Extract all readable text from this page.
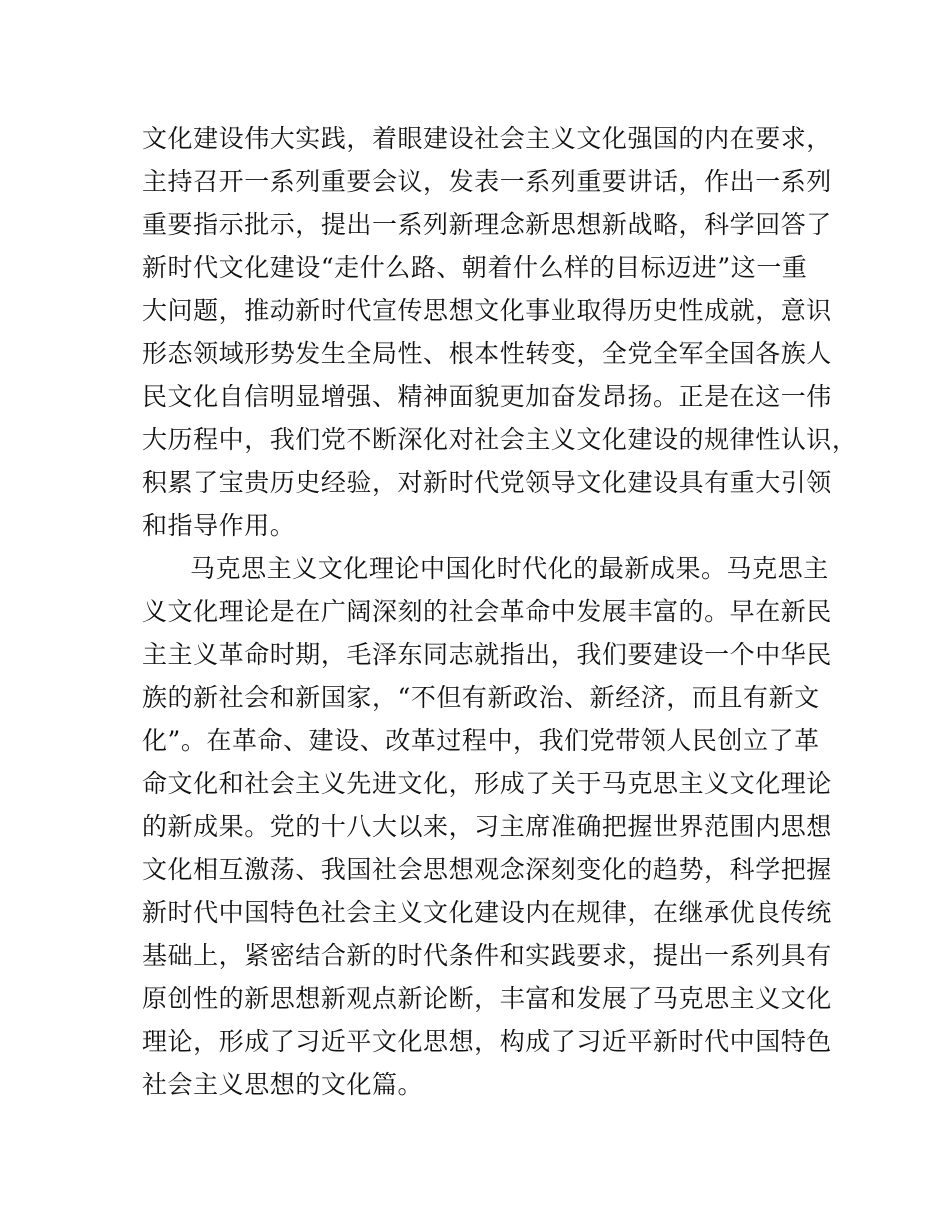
文化建设伟大实践，着眼建设社会主义文化强国的内在要求，
主持召开一系列重要会议，发表一系列重要讲话，作出一系列
重要指示批示，提出一系列新理念新思想新战略，科学回答了
新时代文化建设“走什么路、朝着什么样的目标迈进”这一重
大问题，推动新时代宣传思想文化事业取得历史性成就，意识
形态领域形势发生全局性、根本性转变，全党全军全国各族人
民文化自信明显增强、精神面貌更加奋发昂扬。正是在这一伟
大历程中，我们党不断深化对社会主义文化建设的规律性认识，
积累了宝贵历史经验，对新时代党领导文化建设具有重大引领
和指导作用。
马克思主义文化理论中国化时代化的最新成果。马克思主
义文化理论是在广阔深刻的社会革命中发展丰富的。早在新民
主主义革命时期，毛泽东同志就指出，我们要建设一个中华民
族的新社会和新国家，“不但有新政治、新经济，而且有新文
化”。在革命、建设、改革过程中，我们党带领人民创立了革
命文化和社会主义先进文化，形成了关于马克思主义文化理论
的新成果。党的十八大以来，习主席准确把握世界范围内思想
文化相互激荡、我国社会思想观念深刻变化的趋势，科学把握
新时代中国特色社会主义文化建设内在规律，在继承优良传统
基础上，紧密结合新的时代条件和实践要求，提出一系列具有
原创性的新思想新观点新论断，丰富和发展了马克思主义文化
理论，形成了习近平文化思想，构成了习近平新时代中国特色
社会主义思想的文化篇。
